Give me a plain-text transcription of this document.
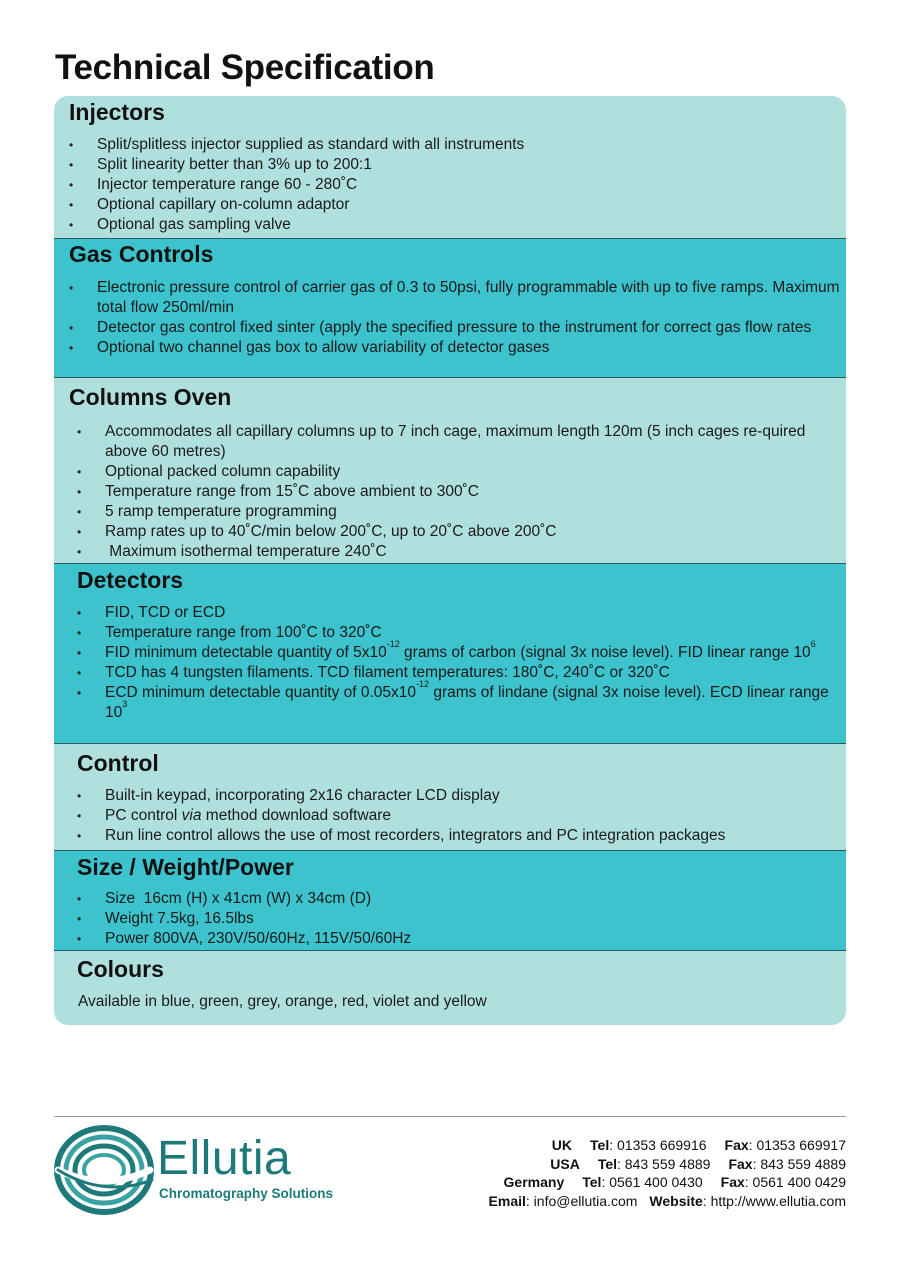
Technical Specification
Injectors
• Split/splitless injector supplied as standard with all instruments
• Split linearity better than 3% up to 200:1
• Injector temperature range 60 - 280˚C
• Optional capillary on-column adaptor
• Optional gas sampling valve
Gas Controls
• Electronic pressure control of carrier gas of 0.3 to 50psi, fully programmable with up to five ramps. Maximum total flow 250ml/min
• Detector gas control fixed sinter (apply the specified pressure to the instrument for correct gas flow rates
• Optional two channel gas box to allow variability of detector gases
Columns Oven
• Accommodates all capillary columns up to 7 inch cage, maximum length 120m (5 inch cages re-quired above 60 metres)
• Optional packed column capability
• Temperature range from 15˚C above ambient to 300˚C
• 5 ramp temperature programming
• Ramp rates up to 40˚C/min below 200˚C, up to 20˚C above 200˚C
•  Maximum isothermal temperature 240˚C
Detectors
• FID, TCD or ECD
• Temperature range from 100˚C to 320˚C
• FID minimum detectable quantity of $5x10^{-12}$ grams of carbon (signal 3x noise level). FID linear range $10^6$
• TCD has 4 tungsten filaments. TCD filament temperatures: 180˚C, 240˚C or 320˚C
• ECD minimum detectable quantity of $0.05x10^{-12}$ grams of lindane (signal 3x noise level). ECD linear range $10^3$
Control
• Built-in keypad, incorporating 2x16 character LCD display
• PC control via method download software
• Run line control allows the use of most recorders, integrators and PC integration packages
Size / Weight/Power
• Size  16cm (H) x 41cm (W) x 34cm (D)
• Weight 7.5kg, 16.5lbs
• Power 800VA, 230V/50/60Hz, 115V/50/60Hz
Colours

Available in blue, green, grey, orange, red, violet and yellow

Ellutia

Chromatography Solutions

UK Tel: 01353 669916 Fax: 01353 669917
USA Tel: 843 559 4889 Fax: 843 559 4889
Germany Tel: 0561 400 0430 Fax: 0561 400 0429
Email: info@ellutia.com Website: http://www.ellutia.com
